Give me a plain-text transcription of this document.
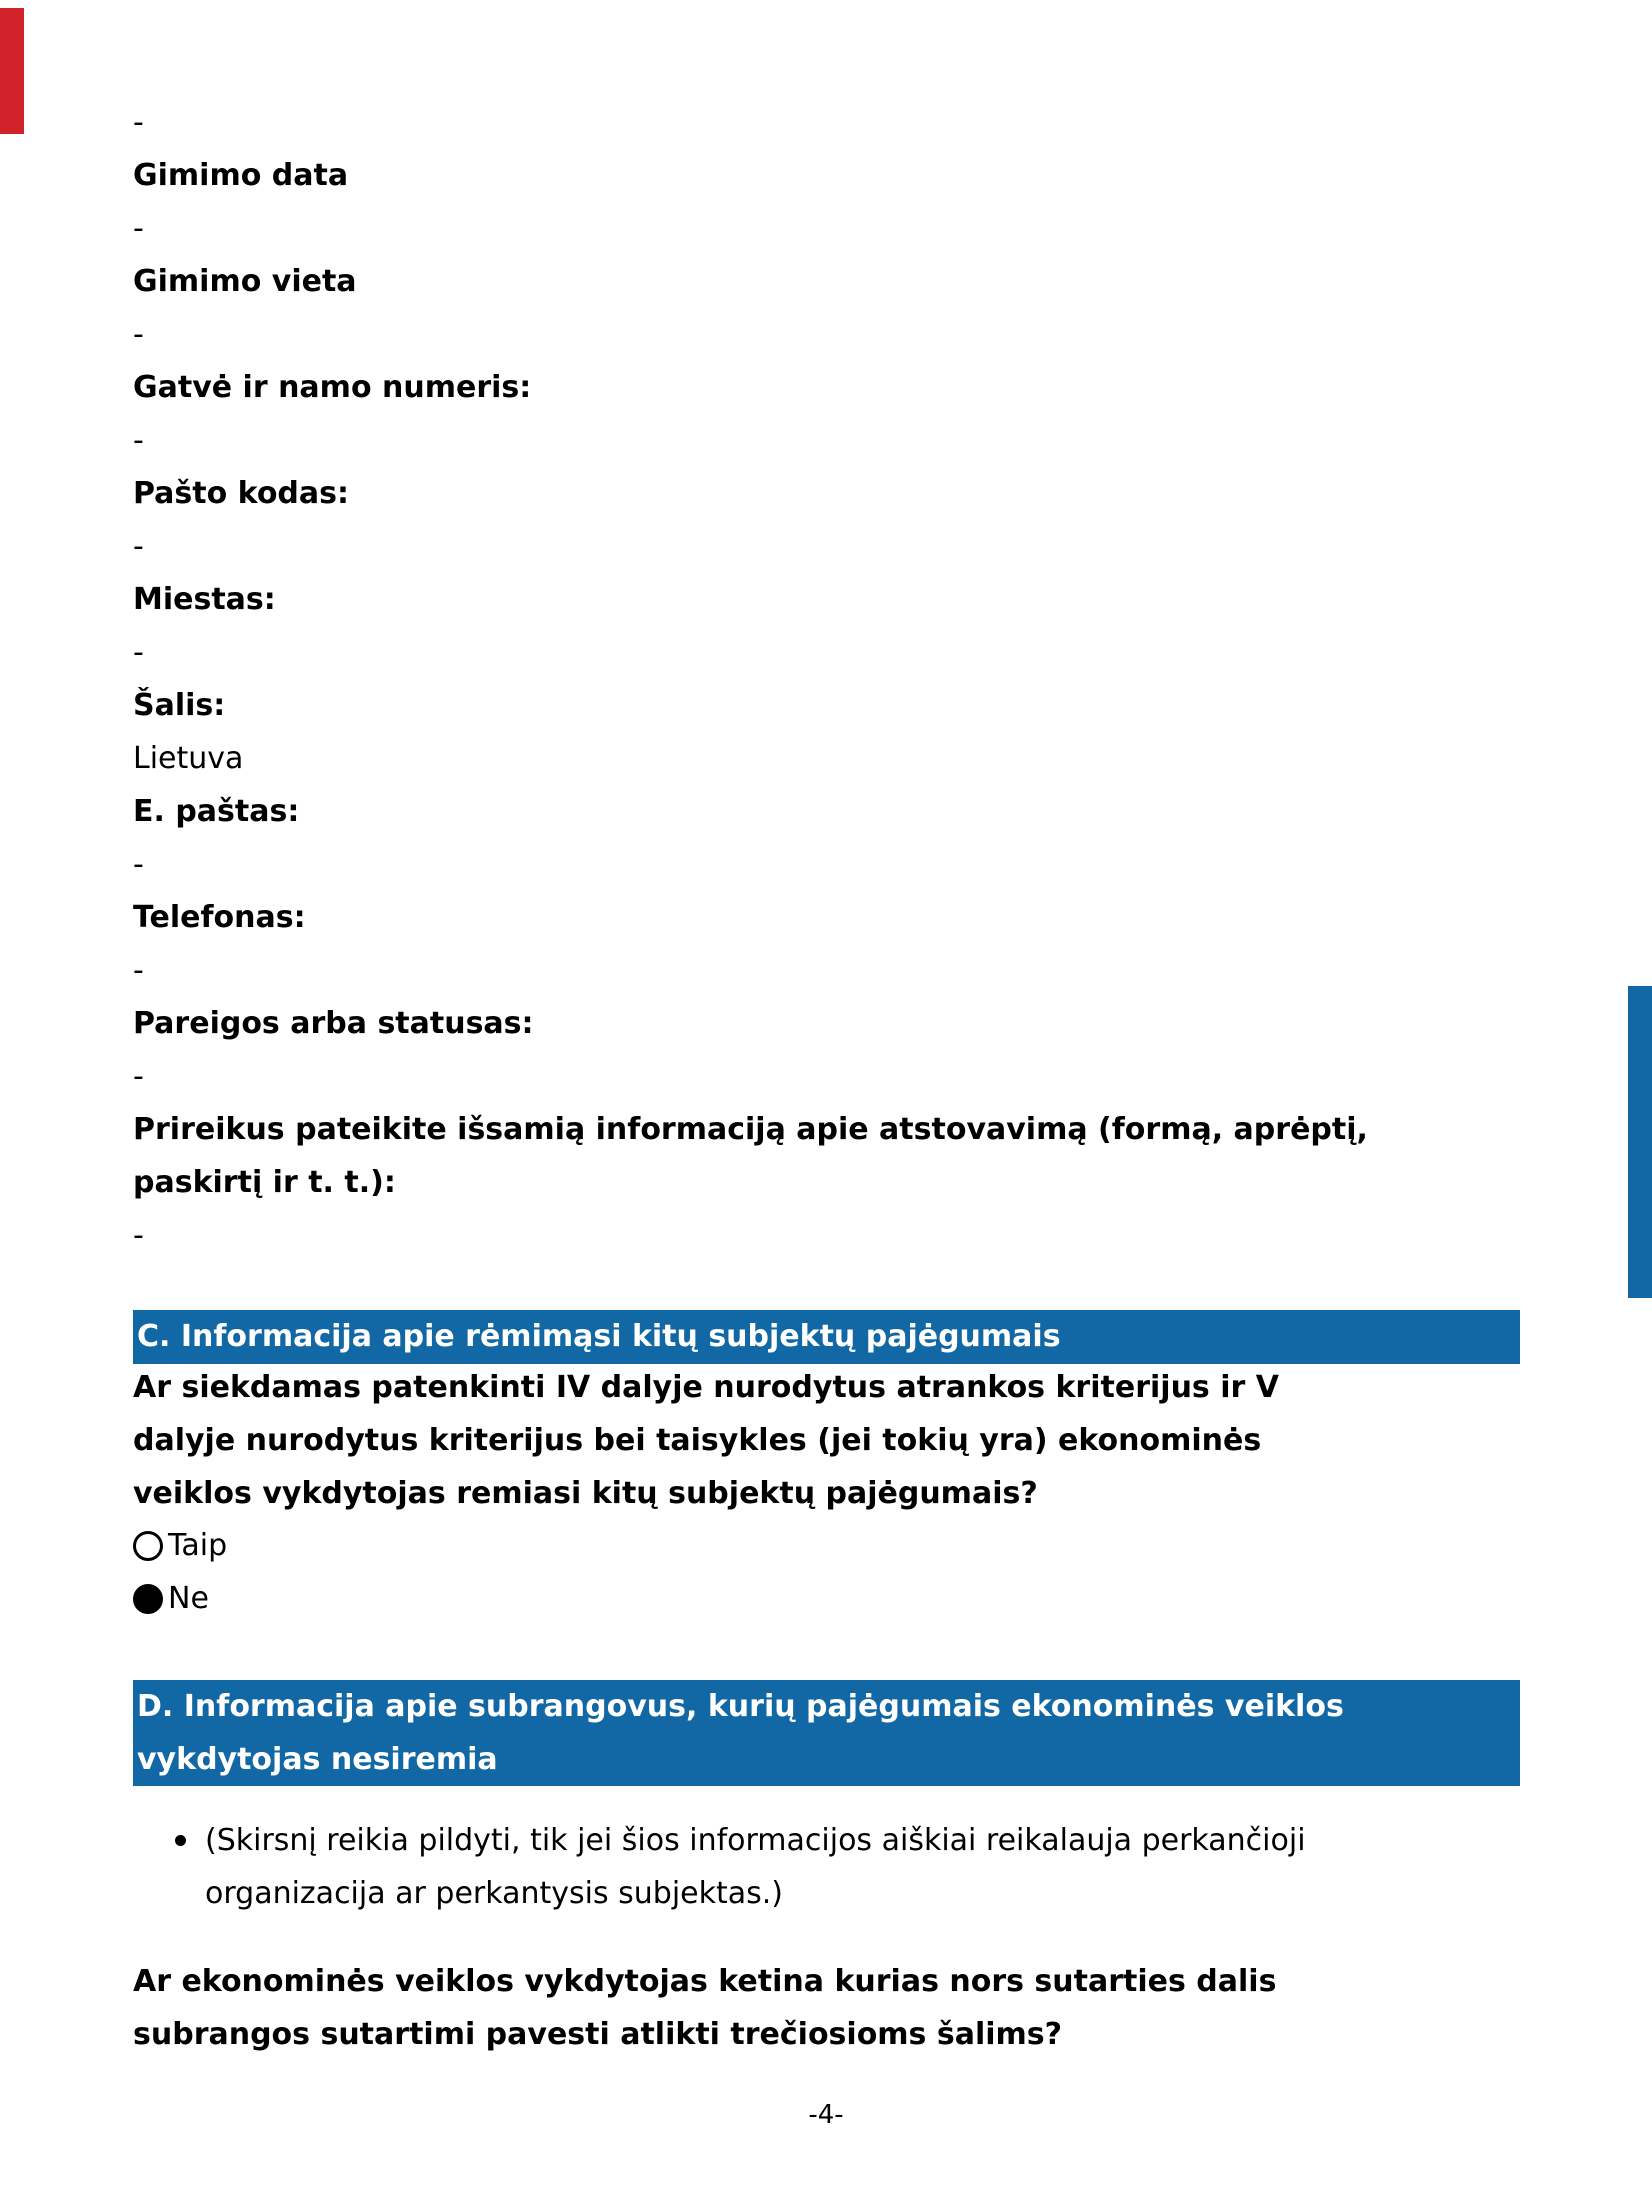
-
Gimimo data
-
Gimimo vieta
-
Gatvė ir namo numeris:
-
Pašto kodas:
-
Miestas:
-
Šalis:
Lietuva
E. paštas:
-
Telefonas:
-
Pareigos arba statusas:
-
Prireikus pateikite išsamią informaciją apie atstovavimą (formą, aprėptį,
paskirtį ir t. t.):
-
C. Informacija apie rėmimąsi kitų subjektų pajėgumais
Ar siekdamas patenkinti IV dalyje nurodytus atrankos kriterijus ir V
dalyje nurodytus kriterijus bei taisykles (jei tokių yra) ekonominės
veiklos vykdytojas remiasi kitų subjektų pajėgumais?
Taip
Ne
D. Informacija apie subrangovus, kurių pajėgumais ekonominės veiklos
vykdytojas nesiremia
(Skirsnį reikia pildyti, tik jei šios informacijos aiškiai reikalauja perkančioji
organizacija ar perkantysis subjektas.)
Ar ekonominės veiklos vykdytojas ketina kurias nors sutarties dalis
subrangos sutartimi pavesti atlikti trečiosioms šalims?
-4-
